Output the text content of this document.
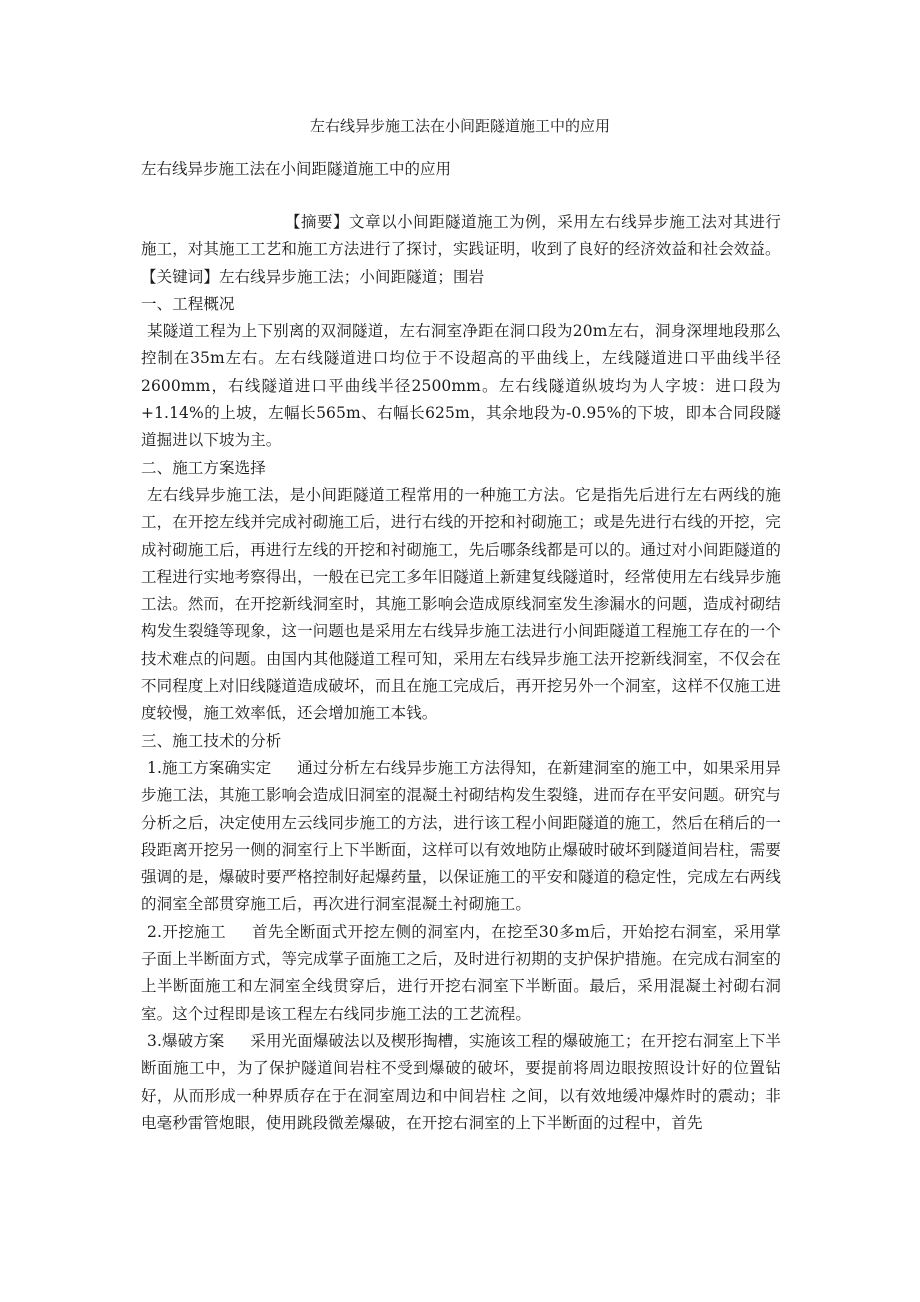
左右线异步施工法在小间距隧道施工中的应用
左右线异步施工法在小间距隧道施工中的应用

【摘要】文章以小间距隧道施工为例，采用左右线异步施工法对其进行施工，对其施工工艺和施工方法进行了探讨，实践证明，收到了良好的经济效益和社会效益。

【关键词】左右线异步施工法；小间距隧道；围岩

一、工程概况

某隧道工程为上下别离的双洞隧道，左右洞室净距在洞口段为20m左右，洞身深埋地段那么控制在35m左右。左右线隧道进口均位于不设超高的平曲线上，左线隧道进口平曲线半径2600mm，右线隧道进口平曲线半径2500mm。左右线隧道纵坡均为人字坡：进口段为+1.14%的上坡，左幅长565m、右幅长625m，其余地段为-0.95%的下坡，即本合同段隧道掘进以下坡为主。

二、施工方案选择

左右线异步施工法，是小间距隧道工程常用的一种施工方法。它是指先后进行左右两线的施工，在开挖左线并完成衬砌施工后，进行右线的开挖和衬砌施工；或是先进行右线的开挖，完成衬砌施工后，再进行左线的开挖和衬砌施工，先后哪条线都是可以的。通过对小间距隧道的工程进行实地考察得出，一般在已完工多年旧隧道上新建复线隧道时，经常使用左右线异步施工法。然而，在开挖新线洞室时，其施工影响会造成原线洞室发生渗漏水的问题，造成衬砌结构发生裂缝等现象，这一问题也是采用左右线异步施工法进行小间距隧道工程施工存在的一个技术难点的问题。由国内其他隧道工程可知，采用左右线异步施工法开挖新线洞室，不仅会在不同程度上对旧线隧道造成破坏，而且在施工完成后，再开挖另外一个洞室，这样不仅施工进度较慢，施工效率低，还会增加施工本钱。

三、施工技术的分析

1.施工方案确实定 通过分析左右线异步施工方法得知，在新建洞室的施工中，如果采用异步施工法，其施工影响会造成旧洞室的混凝土衬砌结构发生裂缝，进而存在平安问题。研究与分析之后，决定使用左云线同步施工的方法，进行该工程小间距隧道的施工，然后在稍后的一段距离开挖另一侧的洞室行上下半断面，这样可以有效地防止爆破时破坏到隧道间岩柱，需要强调的是，爆破时要严格控制好起爆药量，以保证施工的平安和隧道的稳定性，完成左右两线的洞室全部贯穿施工后，再次进行洞室混凝土衬砌施工。

2.开挖施工 首先全断面式开挖左侧的洞室内，在挖至30多m后，开始挖右洞室，采用掌子面上半断面方式，等完成掌子面施工之后，及时进行初期的支护保护措施。在完成右洞室的上半断面施工和左洞室全线贯穿后，进行开挖右洞室下半断面。最后，采用混凝土衬砌右洞室。这个过程即是该工程左右线同步施工法的工艺流程。

3.爆破方案 采用光面爆破法以及楔形掏槽，实施该工程的爆破施工；在开挖右洞室上下半断面施工中，为了保护隧道间岩柱不受到爆破的破坏，要提前将周边眼按照设计好的位置钻好，从而形成一种界质存在于在洞室周边和中间岩柱 之间，以有效地缓冲爆炸时的震动；非电毫秒雷管炮眼，使用跳段微差爆破，在开挖右洞室的上下半断面的过程中，首先
